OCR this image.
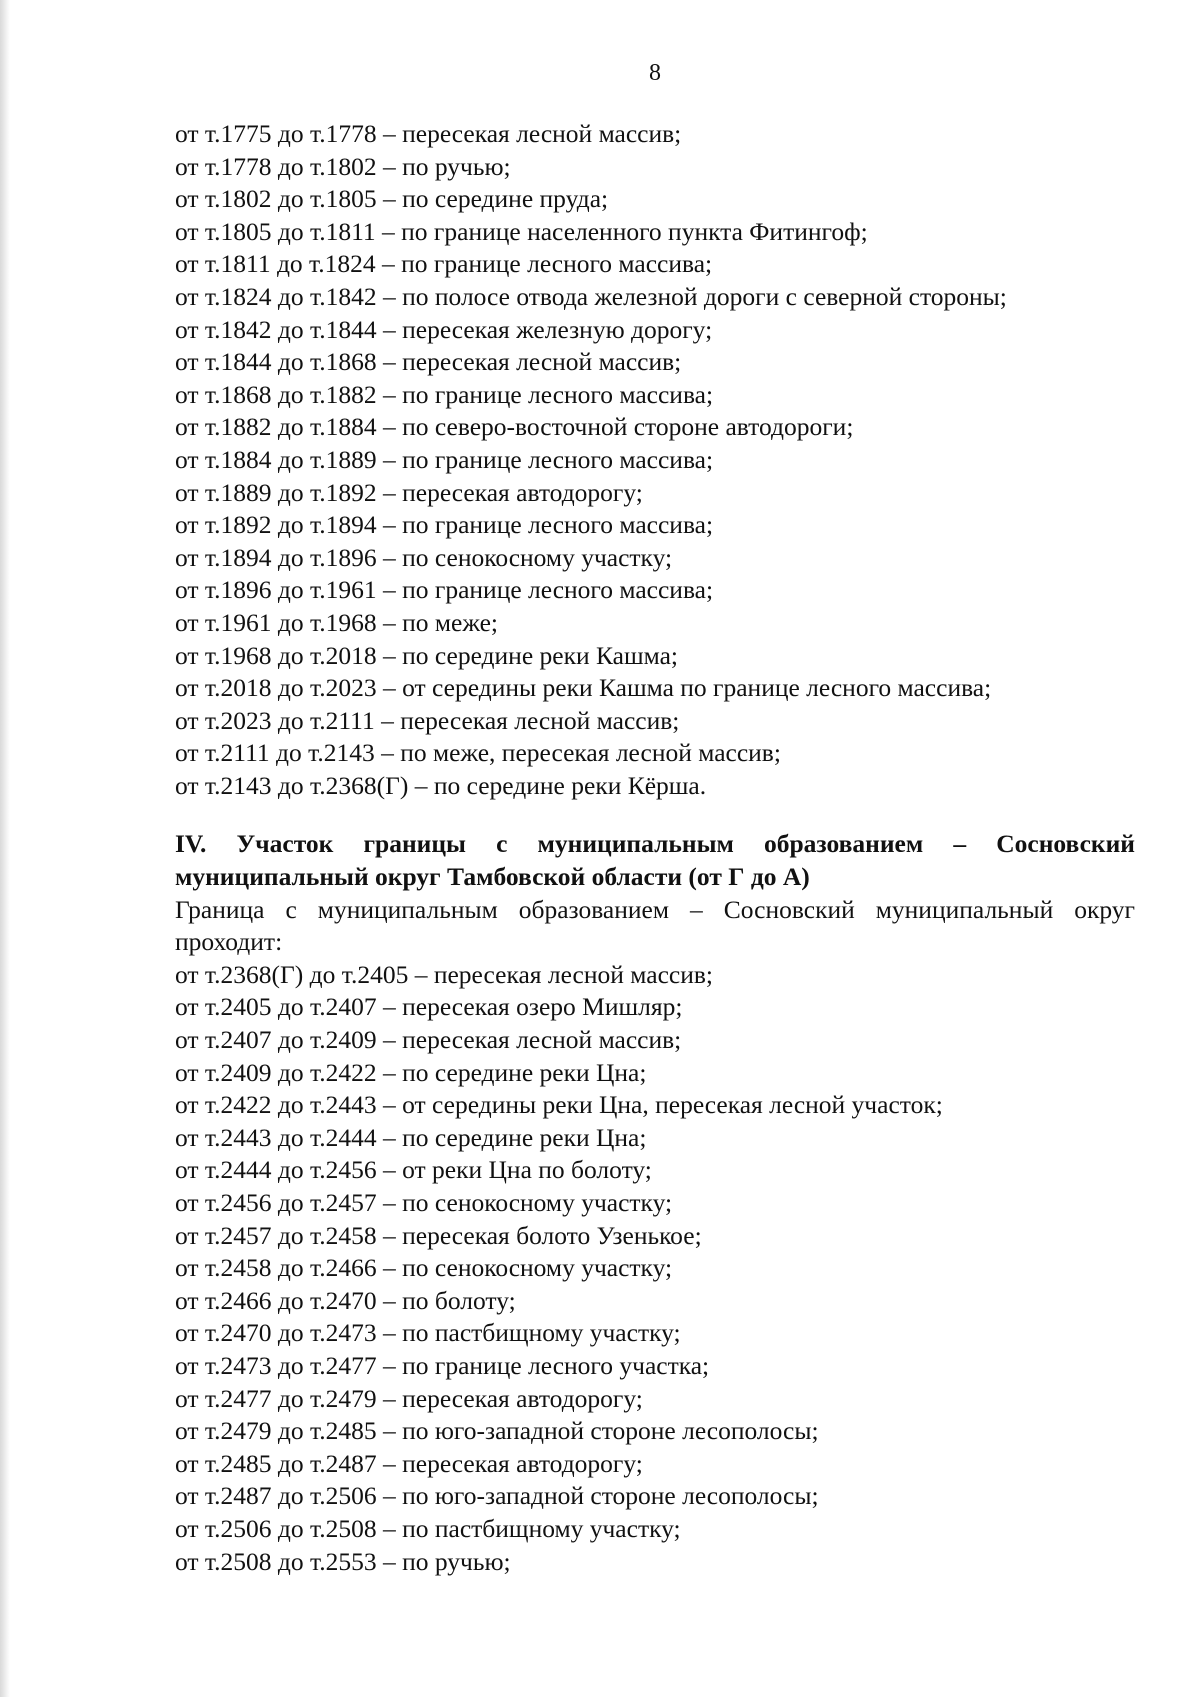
8
от т.1775 до т.1778 – пересекая лесной массив;
от т.1778 до т.1802 – по ручью;
от т.1802 до т.1805 – по середине пруда;
от т.1805 до т.1811 – по границе населенного пункта Фитингоф;
от т.1811 до т.1824 – по границе лесного массива;
от т.1824 до т.1842 – по полосе отвода железной дороги с северной стороны;
от т.1842 до т.1844 – пересекая железную дорогу;
от т.1844 до т.1868 – пересекая лесной массив;
от т.1868 до т.1882 – по границе лесного массива;
от т.1882 до т.1884 – по северо-восточной стороне автодороги;
от т.1884 до т.1889 – по границе лесного массива;
от т.1889 до т.1892 – пересекая автодорогу;
от т.1892 до т.1894 – по границе лесного массива;
от т.1894 до т.1896 – по сенокосному участку;
от т.1896 до т.1961 – по границе лесного массива;
от т.1961 до т.1968 – по меже;
от т.1968 до т.2018 – по середине реки Кашма;
от т.2018 до т.2023 – от середины реки Кашма по границе лесного массива;
от т.2023 до т.2111 – пересекая лесной массив;
от т.2111 до т.2143 – по меже, пересекая лесной массив;
от т.2143 до т.2368(Г) – по середине реки Кёрша.
IV. Участок границы с муниципальным образованием – Сосновский
муниципальный округ Тамбовской области (от Г до А)
Граница с муниципальным образованием – Сосновский муниципальный округ
проходит:
от т.2368(Г) до т.2405 – пересекая лесной массив;
от т.2405 до т.2407 – пересекая озеро Мишляр;
от т.2407 до т.2409 – пересекая лесной массив;
от т.2409 до т.2422 – по середине реки Цна;
от т.2422 до т.2443 – от середины реки Цна, пересекая лесной участок;
от т.2443 до т.2444 – по середине реки Цна;
от т.2444 до т.2456 – от реки Цна по болоту;
от т.2456 до т.2457 – по сенокосному участку;
от т.2457 до т.2458 – пересекая болото Узенькое;
от т.2458 до т.2466 – по сенокосному участку;
от т.2466 до т.2470 – по болоту;
от т.2470 до т.2473 – по пастбищному участку;
от т.2473 до т.2477 – по границе лесного участка;
от т.2477 до т.2479 – пересекая автодорогу;
от т.2479 до т.2485 – по юго-западной стороне лесополосы;
от т.2485 до т.2487 – пересекая автодорогу;
от т.2487 до т.2506 – по юго-западной стороне лесополосы;
от т.2506 до т.2508 – по пастбищному участку;
от т.2508 до т.2553 – по ручью;
